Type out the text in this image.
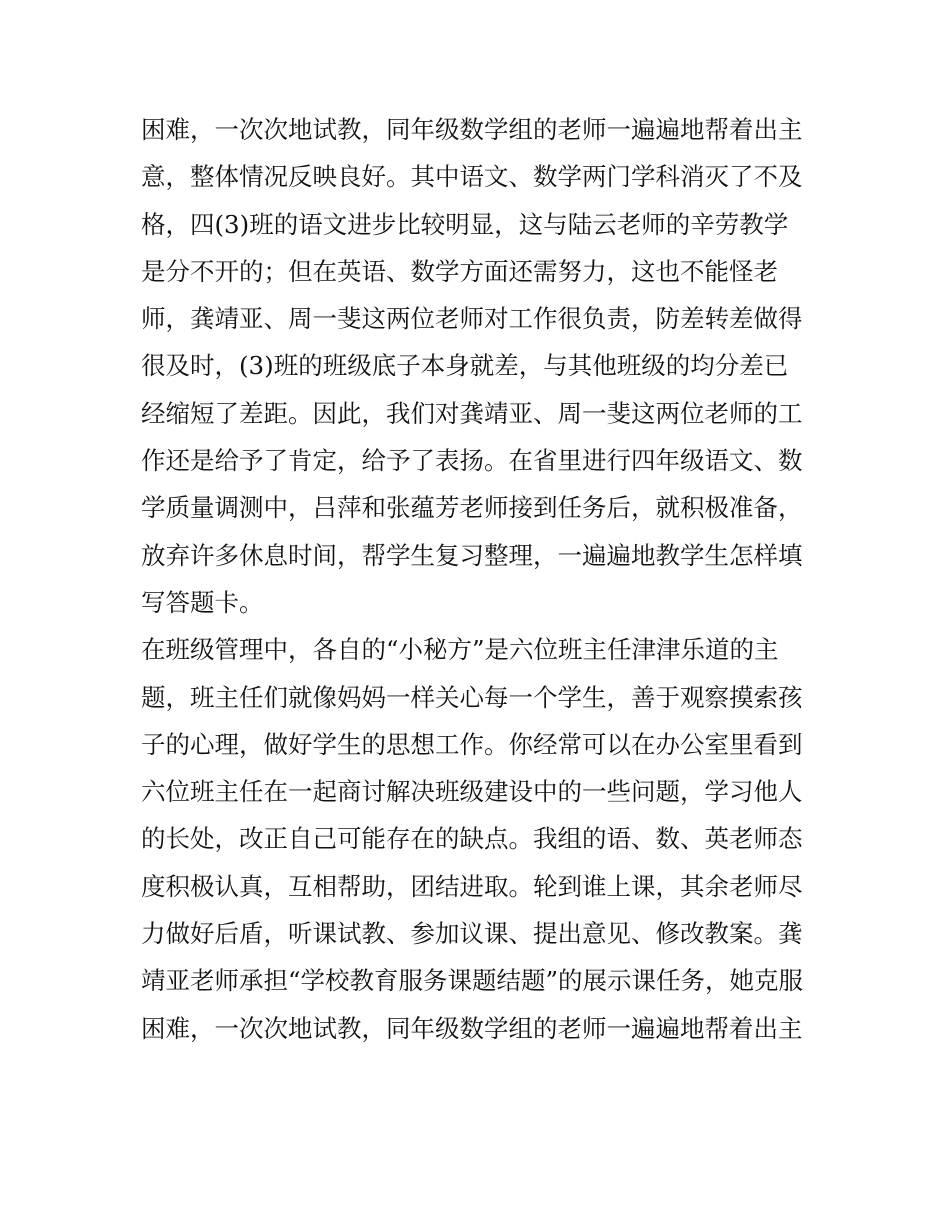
困难，一次次地试教，同年级数学组的老师一遍遍地帮着出主
意，整体情况反映良好。其中语文、数学两门学科消灭了不及
格，四(3)班的语文进步比较明显，这与陆云老师的辛劳教学
是分不开的；但在英语、数学方面还需努力，这也不能怪老
师，龚靖亚、周一斐这两位老师对工作很负责，防差转差做得
很及时，(3)班的班级底子本身就差，与其他班级的均分差已
经缩短了差距。因此，我们对龚靖亚、周一斐这两位老师的工
作还是给予了肯定，给予了表扬。在省里进行四年级语文、数
学质量调测中，吕萍和张蕴芳老师接到任务后，就积极准备，
放弃许多休息时间，帮学生复习整理，一遍遍地教学生怎样填
写答题卡。
在班级管理中，各自的“小秘方”是六位班主任津津乐道的主
题，班主任们就像妈妈一样关心每一个学生，善于观察摸索孩
子的心理，做好学生的思想工作。你经常可以在办公室里看到
六位班主任在一起商讨解决班级建设中的一些问题，学习他人
的长处，改正自己可能存在的缺点。我组的语、数、英老师态
度积极认真，互相帮助，团结进取。轮到谁上课，其余老师尽
力做好后盾，听课试教、参加议课、提出意见、修改教案。龚
靖亚老师承担“学校教育服务课题结题”的展示课任务，她克服
困难，一次次地试教，同年级数学组的老师一遍遍地帮着出主
